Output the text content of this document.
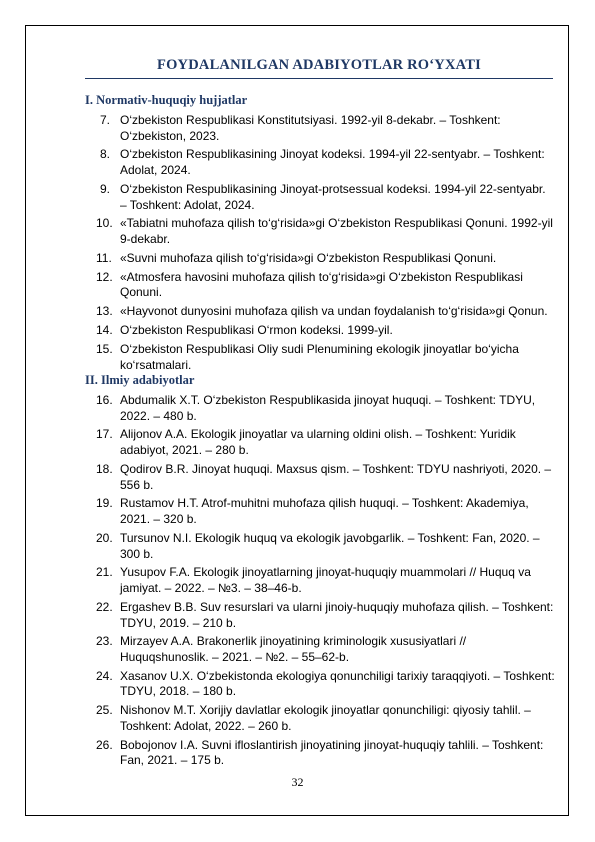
FOYDALANILGAN ADABIYOTLAR RO‘YXATI
I. Normativ-huquqiy hujjatlar
7. O‘zbekiston Respublikasi Konstitutsiyasi. 1992-yil 8-dekabr. – Toshkent: O‘zbekiston, 2023.
8. O‘zbekiston Respublikasining Jinoyat kodeksi. 1994-yil 22-sentyabr. – Toshkent: Adolat, 2024.
9. O‘zbekiston Respublikasining Jinoyat-protsessual kodeksi. 1994-yil 22-sentyabr. – Toshkent: Adolat, 2024.
10. «Tabiatni muhofaza qilish to‘g‘risida»gi O‘zbekiston Respublikasi Qonuni. 1992-yil 9-dekabr.
11. «Suvni muhofaza qilish to‘g‘risida»gi O‘zbekiston Respublikasi Qonuni.
12. «Atmosfera havosini muhofaza qilish to‘g‘risida»gi O‘zbekiston Respublikasi Qonuni.
13. «Hayvonot dunyosini muhofaza qilish va undan foydalanish to‘g‘risida»gi Qonun.
14. O‘zbekiston Respublikasi O‘rmon kodeksi. 1999-yil.
15. O‘zbekiston Respublikasi Oliy sudi Plenumining ekologik jinoyatlar bo‘yicha ko‘rsatmalari.
II. Ilmiy adabiyotlar
16. Abdumalik X.T. O‘zbekiston Respublikasida jinoyat huquqi. – Toshkent: TDYU, 2022. – 480 b.
17. Alijonov A.A. Ekologik jinoyatlar va ularning oldini olish. – Toshkent: Yuridik adabiyot, 2021. – 280 b.
18. Qodirov B.R. Jinoyat huquqi. Maxsus qism. – Toshkent: TDYU nashriyoti, 2020. – 556 b.
19. Rustamov H.T. Atrof-muhitni muhofaza qilish huquqi. – Toshkent: Akademiya, 2021. – 320 b.
20. Tursunov N.I. Ekologik huquq va ekologik javobgarlik. – Toshkent: Fan, 2020. – 300 b.
21. Yusupov F.A. Ekologik jinoyatlarning jinoyat-huquqiy muammolari // Huquq va jamiyat. – 2022. – №3. – 38–46-b.
22. Ergashev B.B. Suv resurslari va ularni jinoiy-huquqiy muhofaza qilish. – Toshkent: TDYU, 2019. – 210 b.
23. Mirzayev A.A. Brakonerlik jinoyatining kriminologik xususiyatlari // Huquqshunoslik. – 2021. – №2. – 55–62-b.
24. Xasanov U.X. O‘zbekistonda ekologiya qonunchiligi tarixiy taraqqiyoti. – Toshkent: TDYU, 2018. – 180 b.
25. Nishonov M.T. Xorijiy davlatlar ekologik jinoyatlar qonunchiligi: qiyosiy tahlil. – Toshkent: Adolat, 2022. – 260 b.
26. Bobojonov I.A. Suvni ifloslantirish jinoyatining jinoyat-huquqiy tahlili. – Toshkent: Fan, 2021. – 175 b.
32
